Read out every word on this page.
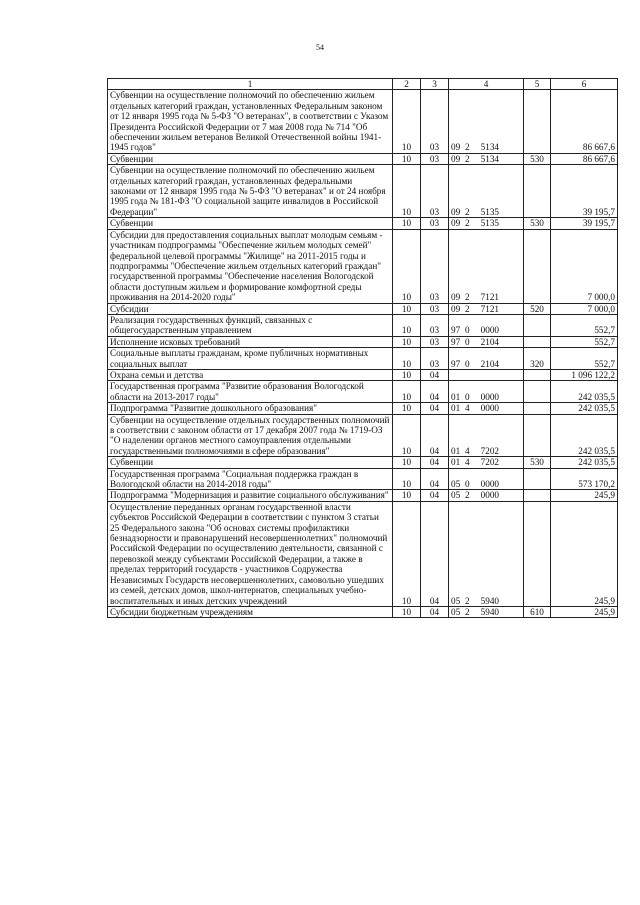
54
1	2	3	4	5	6
Субвенции на осуществление полномочий по обеспечению жильем отдельных категорий граждан, установленных Федеральным законом от 12 января 1995 года № 5-ФЗ "О ветеранах", в соответствии с Указом Президента Российской Федерации от 7 мая 2008 года № 714 "Об обеспечении жильем ветеранов Великой Отечественной войны 1941-1945 годов"	10	03	09 2 5134		86 667,6
Субвенции	10	03	09 2 5134	530	86 667,6
Субвенции на осуществление полномочий по обеспечению жильем отдельных категорий граждан, установленных федеральными законами от 12 января 1995 года № 5-ФЗ "О ветеранах" и от 24 ноября 1995 года № 181-ФЗ "О социальной защите инвалидов в Российской Федерации"	10	03	09 2 5135		39 195,7
Субвенции	10	03	09 2 5135	530	39 195,7
Субсидии для предоставления социальных выплат молодым семьям - участникам подпрограммы "Обеспечение жильем молодых семей" федеральной целевой программы "Жилище" на 2011-2015 годы и подпрограммы "Обеспечение жильем отдельных категорий граждан" государственной программы "Обеспечение населения Вологодской области доступным жильем и формирование комфортной среды проживания на 2014-2020 годы"	10	03	09 2 7121		7 000,0
Субсидии	10	03	09 2 7121	520	7 000,0
Реализация государственных функций, связанных с общегосударственным управлением	10	03	97 0 0000		552,7
Исполнение исковых требований	10	03	97 0 2104		552,7
Социальные выплаты гражданам, кроме публичных нормативных социальных выплат	10	03	97 0 2104	320	552,7
Охрана семьи и детства	10	04			1 096 122,2
Государственная программа "Развитие образования Вологодской области на 2013-2017 годы"	10	04	01 0 0000		242 035,5
Подпрограмма "Развитие дошкольного образования"	10	04	01 4 0000		242 035,5
Субвенции на осуществление отдельных государственных полномочий в соответствии с законом области от 17 декабря 2007 года № 1719-ОЗ "О наделении органов местного самоуправления отдельными государственными полномочиями в сфере образования"	10	04	01 4 7202		242 035,5
Субвенции	10	04	01 4 7202	530	242 035,5
Государственная программа "Социальная поддержка граждан в Вологодской области на 2014-2018 годы"	10	04	05 0 0000		573 170,2
Подпрограмма "Модернизация и развитие социального обслуживания"	10	04	05 2 0000		245,9
Осуществление переданных органам государственной власти субъектов Российской Федерации в соответствии с пунктом 3 статьи 25 Федерального закона "Об основах системы профилактики безнадзорности и правонарушений несовершеннолетних" полномочий Российской Федерации по осуществлению деятельности, связанной с перевозкой между субъектами Российской Федерации, а также в пределах территорий государств - участников Содружества Независимых Государств несовершеннолетних, самовольно ушедших из семей, детских домов, школ-интернатов, специальных учебно-воспитательных и иных детских учреждений	10	04	05 2 5940		245,9
Субсидии бюджетным учреждениям	10	04	05 2 5940	610	245,9
